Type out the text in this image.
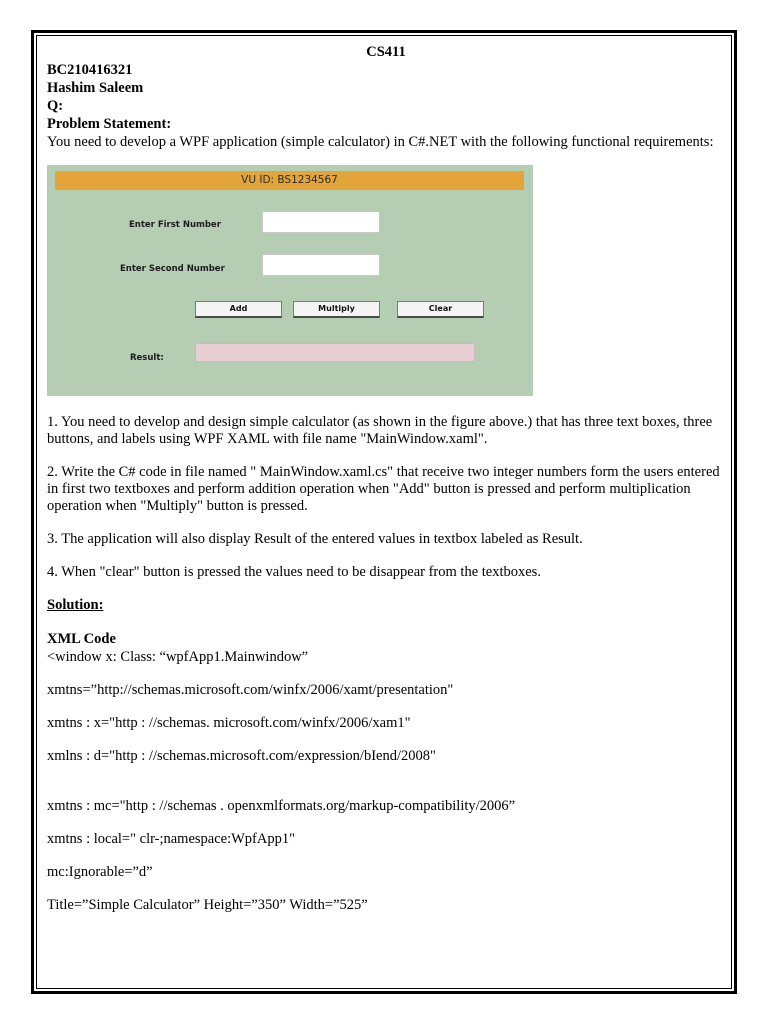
CS411
BC210416321
Hashim Saleem
Q:
Problem Statement:

You need to develop a WPF application (simple calculator) in C#.NET with the following functional requirements:

VU ID: BS1234567
Enter First Number
Enter Second Number
Add	Multiply	Clear
Result:

1. You need to develop and design simple calculator (as shown in the figure above.) that has three text boxes, three buttons, and labels using WPF XAML with file name "MainWindow.xaml".

2. Write the C# code in file named " MainWindow.xaml.cs" that receive two integer numbers form the users entered in first two textboxes and perform addition operation when "Add" button is pressed and perform multiplication operation when "Multiply" button is pressed.

3. The application will also display Result of the entered values in textbox labeled as Result.

4. When "clear" button is pressed the values need to be disappear from the textboxes.

Solution:
XML Code
<window x: Class: “wpfApp1.Mainwindow”
xmtns=”http://schemas.microsoft.com/winfx/2006/xamt/presentation"
xmtns : x="http : //schemas. microsoft.com/winfx/2006/xam1"
xmlns : d="http : //schemas.microsoft.com/expression/bIend/2008"
xmtns : mc="http : //schemas . openxmlformats.org/markup-compatibility/2006”
xmtns : local=" clr-;namespace:WpfApp1"
mc:Ignorable=”d”
Title=”Simple Calculator” Height=”350” Width=”525”
